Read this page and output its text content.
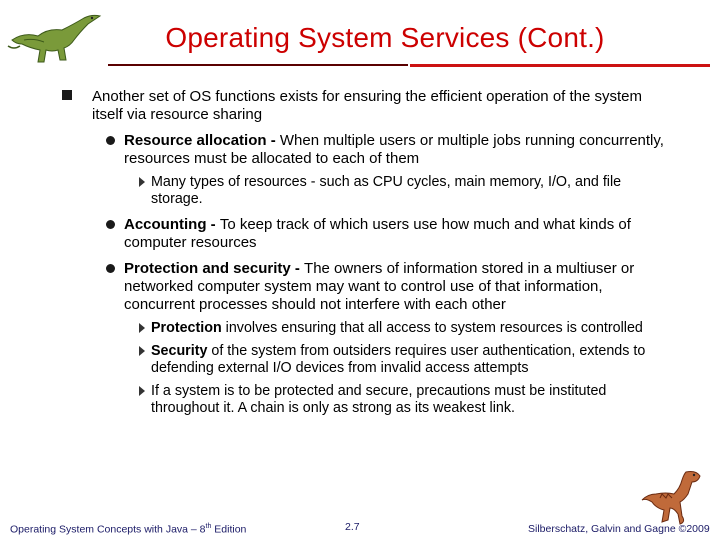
Operating System Services (Cont.)
Another set of OS functions exists for ensuring the efficient operation of the system itself via resource sharing
Resource allocation - When multiple users or multiple jobs running concurrently, resources must be allocated to each of them
Many types of resources - such as CPU cycles, main memory, I/O, and file storage.
Accounting - To keep track of which users use how much and what kinds of computer resources
Protection and security - The owners of information stored in a multiuser or networked computer system may want to control use of that information, concurrent processes should not interfere with each other
Protection involves ensuring that all access to system resources is controlled
Security of the system from outsiders requires user authentication, extends to defending external I/O devices from invalid access attempts
If a system is to be protected and secure, precautions must be instituted throughout it. A chain is only as strong as its weakest link.
Operating System Concepts with Java – 8th Edition	2.7	Silberschatz, Galvin and Gagne ©2009
